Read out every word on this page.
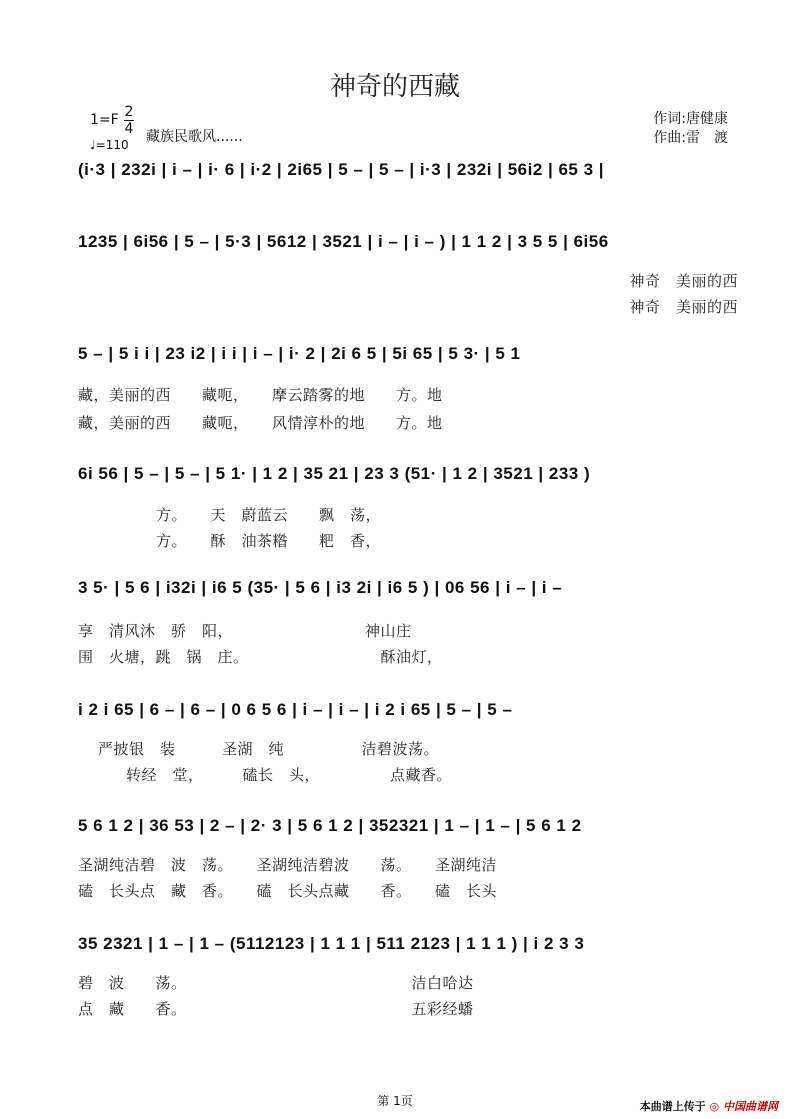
神奇的西藏
作词:唐健康
作曲:雷　渡
1=F 2
4
♩=110 藏族民歌风......
(i·3 | 232i | i – | i· 6 | i·2 | 2i65 | 5 – | 5 – | i·3 | 232i | 56i2 | 65 3 |
1235 | 6i56 | 5 – | 5·3 | 5612 | 3521 | i – | i – ) | 1 1 2 | 3 5 5 | 6i56
神奇　美丽的西
神奇　美丽的西
5 – | 5 i i | 23 i2 | i i | i – | i· 2 | 2i 6 5 | 5i 65 | 5 3· | 5 1
藏，美丽的西　　藏呃，　　摩云踏雾的地　　方。地
藏，美丽的西　　藏呃，　　风情淳朴的地　　方。地
6i 56 | 5 – | 5 – | 5 1· | 1 2 | 35 21 | 23 3 (51· | 1 2 | 3521 | 233 )
方。　　天　蔚蓝云　　飘　荡，
方。　　酥　油茶糌　　粑　香，
3 5· | 5 6 | i32i | i6 5 (35· | 5 6 | i3 2i | i6 5 ) | 06 56 | i – | i –
享　清风沐　骄　阳，　　　　　　　　　神山庄
围　火塘，跳　锅　庄。　　　　　　　　　酥油灯，
i 2 i 65 | 6 – | 6 – | 0 6 5 6 | i – | i – | i 2 i 65 | 5 – | 5 –
严披银　装　　　圣湖　纯　　　　　洁碧波荡。
转经　堂，　　　磕长　头，　　　　　点藏香。
5 6 1 2 | 36 53 | 2 – | 2· 3 | 5 6 1 2 | 352321 | 1 – | 1 – | 5 6 1 2
圣湖纯洁碧　波　荡。　　圣湖纯洁碧波　　荡。　　圣湖纯洁
磕　长头点　藏　香。　　磕　长头点藏　　香。　　磕　长头
35 2321 | 1 – | 1 – (5112123 | 1 1 1 | 511 2123 | 1 1 1 ) | i 2 3 3
碧　波　　荡。　　　　　　　　　　　　　　　洁白哈达
点　藏　　香。　　　　　　　　　　　　　　　五彩经蟠
第 1页	本曲谱上传于 ◎ 中国曲谱网
